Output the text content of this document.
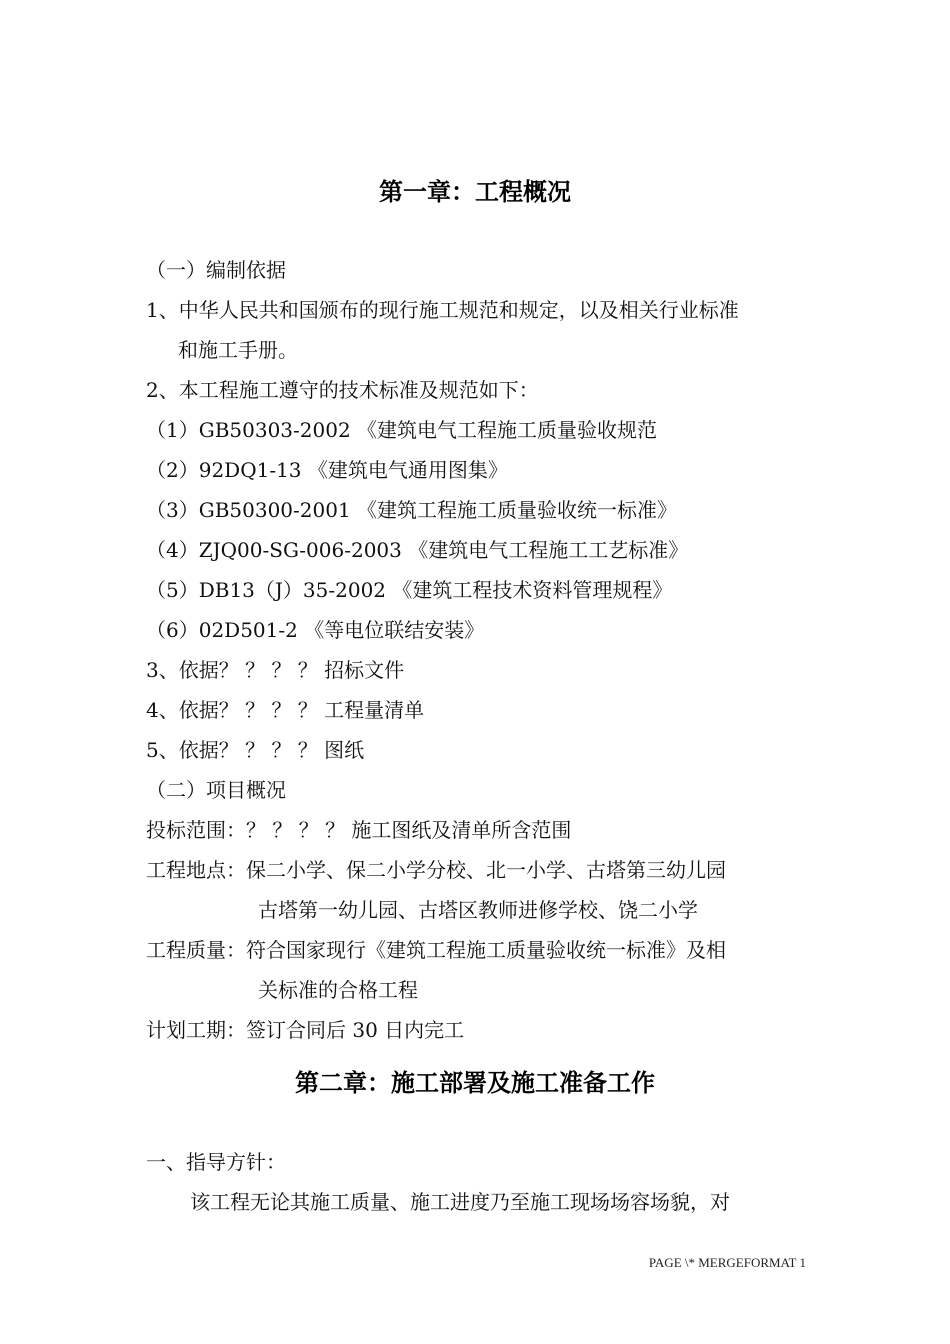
第一章：工程概况
（一）编制依据
1、中华人民共和国颁布的现行施工规范和规定，以及相关行业标准
和施工手册。
2、本工程施工遵守的技术标准及规范如下：
（1）GB50303-2002 《建筑电气工程施工质量验收规范
（2）92DQ1-13 《建筑电气通用图集》
（3）GB50300-2001 《建筑工程施工质量验收统一标准》
（4）ZJQ00-SG-006-2003 《建筑电气工程施工工艺标准》
（5）DB13（J）35-2002 《建筑工程技术资料管理规程》
（6）02D501-2 《等电位联结安装》
3、依据？ ？ ？ ？ 招标文件
4、依据？ ？ ？ ？ 工程量清单
5、依据？ ？ ？ ？ 图纸
（二）项目概况
投标范围：？ ？ ？ ？ 施工图纸及清单所含范围
工程地点：保二小学、保二小学分校、北一小学、古塔第三幼儿园
古塔第一幼儿园、古塔区教师进修学校、饶二小学
工程质量：符合国家现行《建筑工程施工质量验收统一标准》及相
关标准的合格工程
计划工期：签订合同后 30 日内完工
第二章：施工部署及施工准备工作
一、指导方针：
该工程无论其施工质量、施工进度乃至施工现场场容场貌，对
PAGE \* MERGEFORMAT 1
